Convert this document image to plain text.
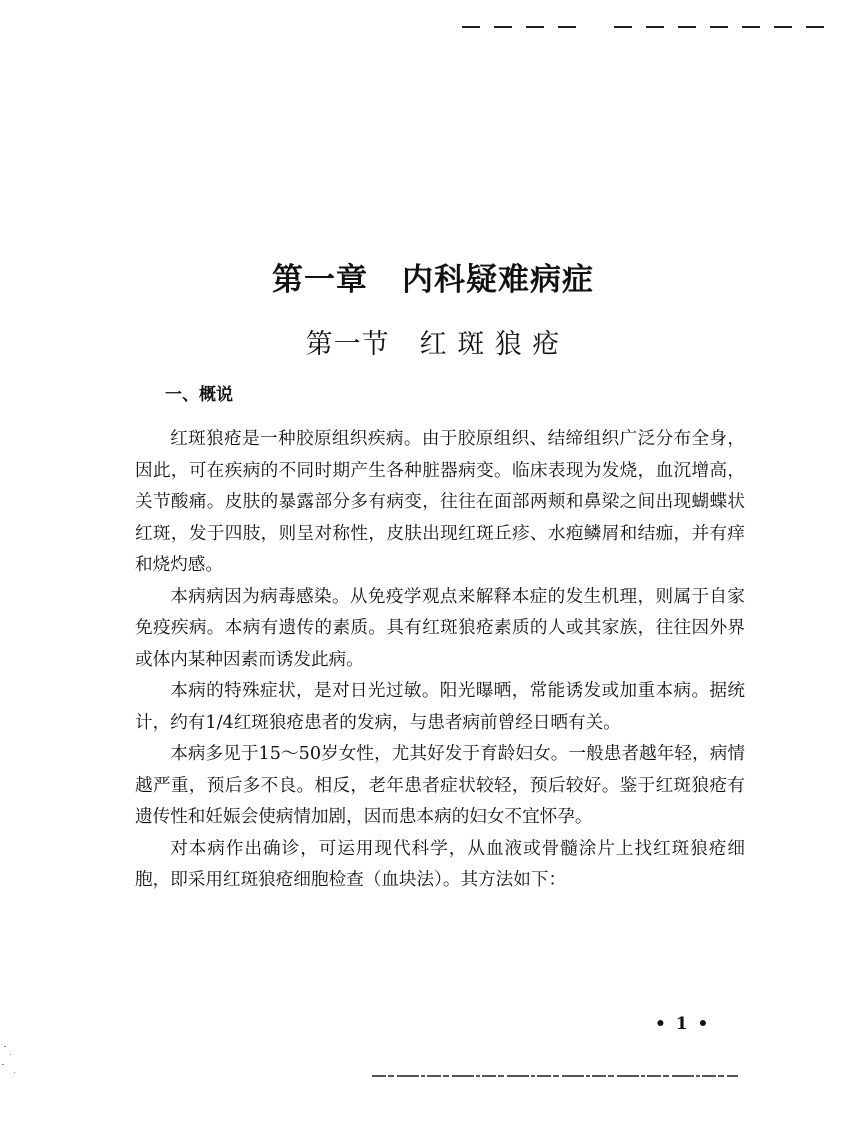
第一章 内科疑难病症
第一节 红 斑 狼 疮
一、概说

红斑狼疮是一种胶原组织疾病。由于胶原组织、结缔组织广泛分布全身，因此，可在疾病的不同时期产生各种脏器病变。临床表现为发烧，血沉增高，关节酸痛。皮肤的暴露部分多有病变，往往在面部两颊和鼻梁之间出现蝴蝶状红斑，发于四肢，则呈对称性，皮肤出现红斑丘疹、水疱鳞屑和结痂，并有痒和烧灼感。

本病病因为病毒感染。从免疫学观点来解释本症的发生机理，则属于自家免疫疾病。本病有遗传的素质。具有红斑狼疮素质的人或其家族，往往因外界或体内某种因素而诱发此病。

本病的特殊症状，是对日光过敏。阳光曝晒，常能诱发或加重本病。据统计，约有1/4红斑狼疮患者的发病，与患者病前曾经日晒有关。

本病多见于15～50岁女性，尤其好发于育龄妇女。一般患者越年轻，病情越严重，预后多不良。相反，老年患者症状较轻，预后较好。鉴于红斑狼疮有遗传性和妊娠会使病情加剧，因而患本病的妇女不宜怀孕。

对本病作出确诊，可运用现代科学，从血液或骨髓涂片上找红斑狼疮细胞，即采用红斑狼疮细胞检查（血块法）。其方法如下：

• 1 •
